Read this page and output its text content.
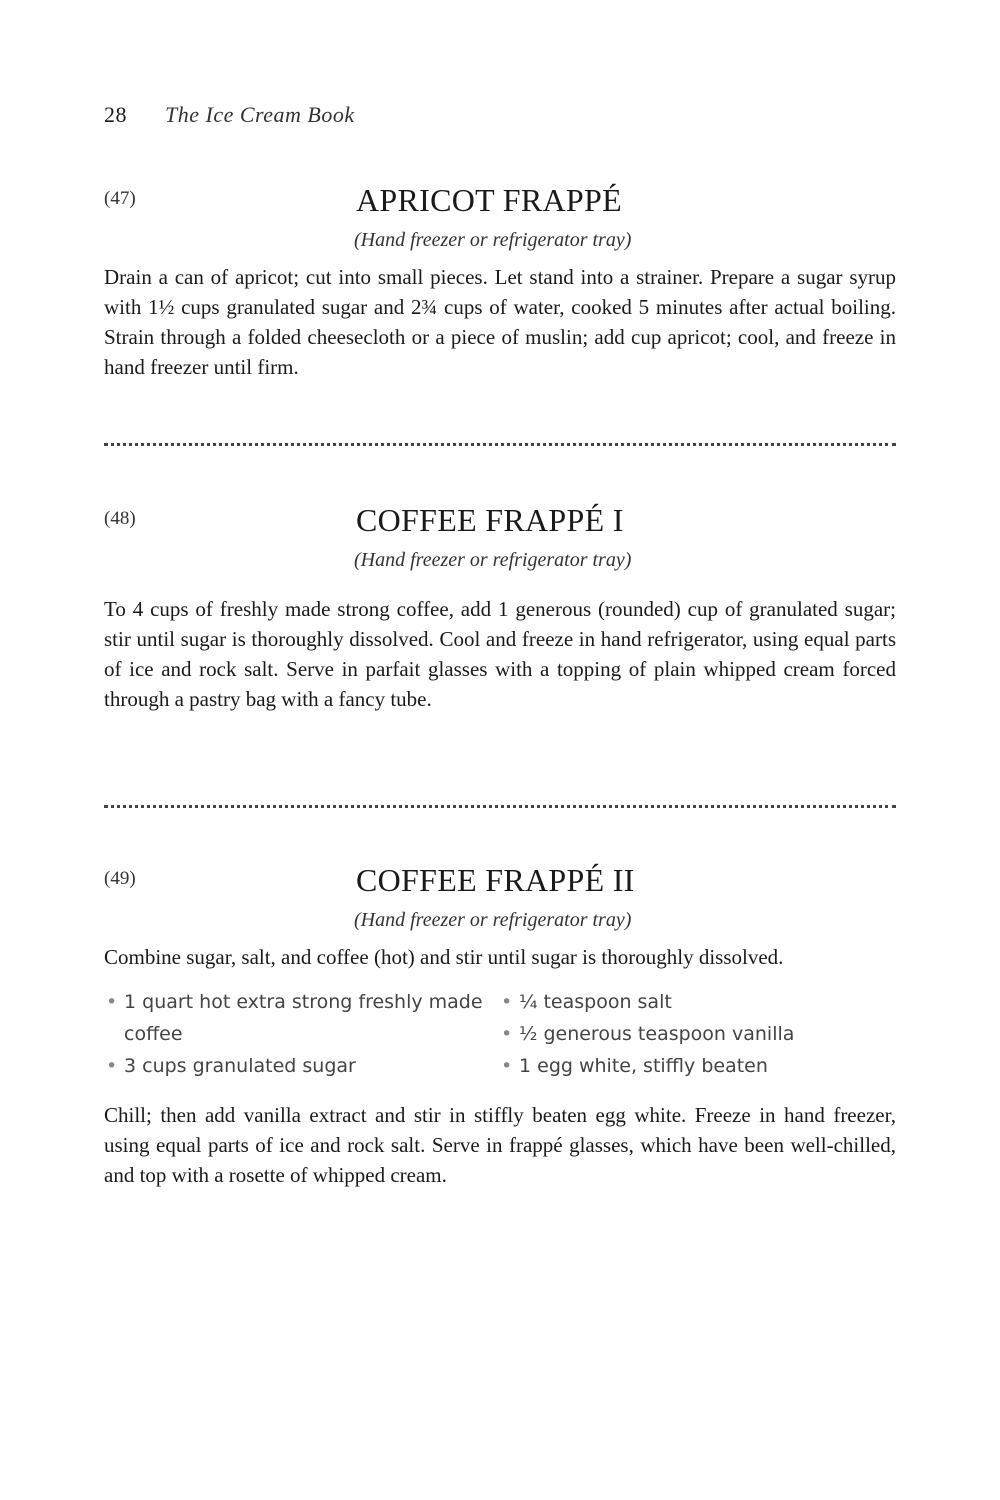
28 The Ice Cream Book
(47)	APRICOT FRAPPÉ
(Hand freezer or refrigerator tray)

Drain a can of apricot; cut into small pieces. Let stand into a strainer. Prepare a sugar syrup with 1½ cups granulated sugar and 2¾ cups of water, cooked 5 minutes after actual boiling. Strain through a folded cheesecloth or a piece of muslin; add cup apricot; cool, and freeze in hand freezer until firm.

(48)	COFFEE FRAPPÉ I
(Hand freezer or refrigerator tray)

To 4 cups of freshly made strong coffee, add 1 generous (rounded) cup of granulated sugar; stir until sugar is thoroughly dissolved. Cool and freeze in hand refrigerator, using equal parts of ice and rock salt. Serve in parfait glasses with a topping of plain whipped cream forced through a pastry bag with a fancy tube.

(49)	COFFEE FRAPPÉ II
(Hand freezer or refrigerator tray)

Combine sugar, salt, and coffee (hot) and stir until sugar is thoroughly dissolved.

• 1 quart hot extra strong freshly made coffee
• 3 cups granulated sugar
• ¼ teaspoon salt
• ½ generous teaspoon vanilla
• 1 egg white, stiffly beaten

Chill; then add vanilla extract and stir in stiffly beaten egg white. Freeze in hand freezer, using equal parts of ice and rock salt. Serve in frappé glasses, which have been well-chilled, and top with a rosette of whipped cream.
